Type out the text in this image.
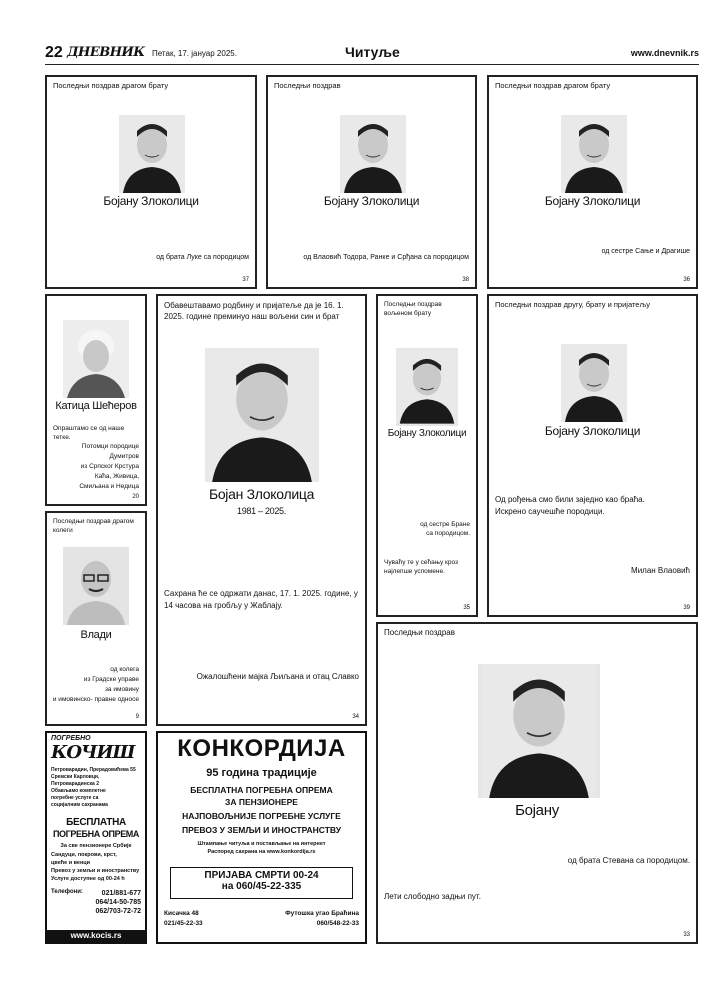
22 ДНЕВНИК Петак, 17. јануар 2025.	Читуље	www.dnevnik.rs
Последњи поздрав драгом брату
Бојану Злоколици
од брата Луке са породицом
37
Последњи поздрав
Бојану Злоколици
од Влаовић Тодора, Ранке и Срђана са породицом
38
Последњи поздрав драгом брату
Бојану Злоколици
од сестре Сање и Драгише
36
Катица Шећеров
Опраштамо се од наше тетке.
Потомци породице
Думитров
из Српског Крстура
Каћа, Живица,
Смиљана и Недица
20
Обавештавамо родбину и пријатеље да је 16. 1. 2025. године преминуо наш вољени син и брат
Бојан Злоколица
1981 – 2025.
Сахрана ће се одржати данас, 17. 1. 2025. године, у 14 часова на гробљу у Жаблају.
Ожалошћени мајка Љиљана и отац Славко
34
Последњи поздрав вољеном брату
Бојану Злоколици
од сестре Бране са породицом.
Чуваћу те у сећању кроз најлепше успомене.
35
Последњи поздрав другу, брату и пријатељу
Бојану Злоколици
Од рођења смо били заједно као браћа.
Искрено саучешће породици.
Милан Влаовић
39
Последњи поздрав драгом колеги
Влади
од колега
из Градске управе
за имовину
и имовинско- правне односе
9
Последњи поздрав
Бојану
од брата Стевана са породицом.
Лети слободно задњи пут.
33
ПОГРЕБНО
КОЧИШ
Петроварадин, Прерадовићева 55
Сремски Карловци, Петроварадинска 2
Обављамо комплетне
погребне услуге са
социјалним сахранама
БЕСПЛАТНА
ПОГРЕБНА ОПРЕМА
За све пензионере Србије
Сандуци, покрови, крст,
цвеће и венци
Превоз у земљи и иностранству
Услуге доступне од 00-24 h
Телефони:	021/881-677
064/14-50-785
062/703-72-72
www.kocis.rs
КОНКОРДИЈА
95 година традиције
БЕСПЛАТНА ПОГРЕБНА ОПРЕМА
ЗА ПЕНЗИОНЕРЕ
НАЈПОВОЉНИЈЕ ПОГРЕБНЕ УСЛУГЕ
ПРЕВОЗ У ЗЕМЉИ И ИНОСТРАНСТВУ
Штампање читуља и постављање на интернет
Распоред сахрана на www.konkordija.rs
ПРИЈАВА СМРТИ 00-24
на 060/45-22-335
Кисачка 48
021/45-22-33
Футошка угао Браћина
060/548-22-33
